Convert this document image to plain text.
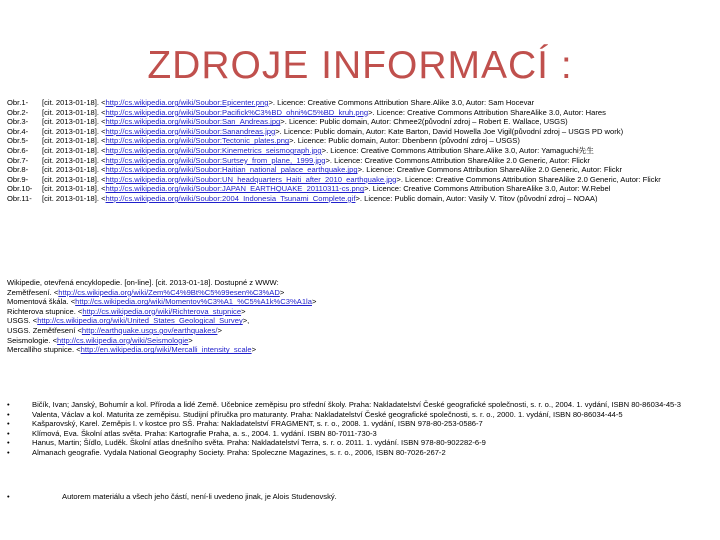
ZDROJE INFORMACÍ :
Obr.1-	[cit. 2013-01-18]. <http://cs.wikipedia.org/wiki/Soubor:Epicenter.png>. Licence: Creative Commons Attribution Share.Alike 3.0, Autor: Sam Hocevar
Obr.2-	[cit. 2013-01-18]. <http://cs.wikipedia.org/wiki/Soubor:Pacifick%C3%BD_ohni%C5%BD_kruh.png>. Licence: Creative Commons Attribution ShareAlike 3.0, Autor: Hares
Obr.3-	[cit. 2013-01-18]. <http://cs.wikipedia.org/wiki/Soubor:San_Andreas.jpg>. Licence: Public domain, Autor: Chmee2(původní zdroj – Robert E. Wallace, USGS)
Obr.4-	[cit. 2013-01-18]. <http://cs.wikipedia.org/wiki/Soubor:Sanandreas.jpg>. Licence: Public domain, Autor: Kate Barton, David Howella Joe Vigil(původní zdroj – USGS PD work)
Obr.5-	[cit. 2013-01-18]. <http://cs.wikipedia.org/wiki/Soubor:Tectonic_plates.png>. Licence: Public domain, Autor: Dbenbenn (původní zdroj – USGS)
Obr.6-	[cit. 2013-01-18]. <http://cs.wikipedia.org/wiki/Soubor:Kinemetrics_seismograph.jpg>. Licence: Creative Commons Attribution Share.Alike 3.0, Autor: Yamaguchi先生
Obr.7-	[cit. 2013-01-18]. <http://cs.wikipedia.org/wiki/Soubor:Surtsey_from_plane,_1999.jpg>. Licence: Creative Commons Attribution ShareAlike 2.0 Generic, Autor: Flickr
Obr.8-	[cit. 2013-01-18]. <http://cs.wikipedia.org/wiki/Soubor:Haitian_national_palace_earthquake.jpg>. Licence: Creative Commons Attribution ShareAlike 2.0 Generic, Autor: Flickr
Obr.9-	[cit. 2013-01-18]. <http://cs.wikipedia.org/wiki/Soubor:UN_headquarters_Haiti_after_2010_earthquake.jpg>. Licence: Creative Commons Attribution ShareAlike 2.0 Generic, Autor: Flickr
Obr.10-	[cit. 2013-01-18]. <http://cs.wikipedia.org/wiki/Soubor:JAPAN_EARTHQUAKE_20110311-cs.png>. Licence: Creative Commons Attribution ShareAlike 3.0, Autor: W.Rebel
Obr.11-	[cit. 2013-01-18]. <http://cs.wikipedia.org/wiki/Soubor:2004_Indonesia_Tsunami_Complete.gif>. Licence: Public domain, Autor: Vasily V. Titov (původní zdroj – NOAA)
Wikipedie, otevřená encyklopedie. [on-line]. [cit. 2013-01-18]. Dostupné z WWW:
Zemětřesení. <http://cs.wikipedia.org/wiki/Zem%C4%9Bt%C5%99esen%C3%AD>
Momentová škála. <http://cs.wikipedia.org/wiki/Momentov%C3%A1_%C5%A1k%C3%A1la>
Richterova stupnice. <http://cs.wikipedia.org/wiki/Richterova_stupnice>
USGS. <http://cs.wikipedia.org/wiki/United_States_Geological_Survey>,
USGS. Zemětřesení <http://earthquake.usgs.gov/earthquakes/>
Seismologie. <http://cs.wikipedia.org/wiki/Seismologie>
Mercalliho stupnice. <http://en.wikipedia.org/wiki/Mercalli_intensity_scale>
•	Bičík, Ivan; Janský, Bohumír a kol. Příroda a lidé Země. Učebnice zeměpisu pro střední školy. Praha: Nakladatelství České geografické společnosti, s. r. o., 2004. 1. vydání, ISBN 80-86034-45-3
•	Valenta, Václav a kol. Maturita ze zeměpisu. Studijní příručka pro maturanty. Praha: Nakladatelství České geografické společnosti, s. r. o., 2000. 1. vydání, ISBN 80-86034-44-5
•	Kašparovský, Karel. Zeměpis I. v kostce pro SŠ. Praha: Nakladatelství FRAGMENT, s. r. o., 2008. 1. vydání, ISBN 978-80-253-0586-7
•	Klímová, Eva. Školní atlas světa. Praha: Kartografie Praha, a. s., 2004. 1. vydání. ISBN 80-7011-730-3
•	Hanus, Martin; Šídlo, Luděk. Školní atlas dnešního světa. Praha: Nakladatelství Terra, s. r. o. 2011. 1. vydání. ISBN 978-80-902282-6-9
•	Almanach geografie. Vydala National Geography Society. Praha: Spoleczne Magazines, s. r. o., 2006, ISBN 80-7026-267-2
•	Autorem materiálu a všech jeho částí, není-li uvedeno jinak, je Alois Studenovský.
